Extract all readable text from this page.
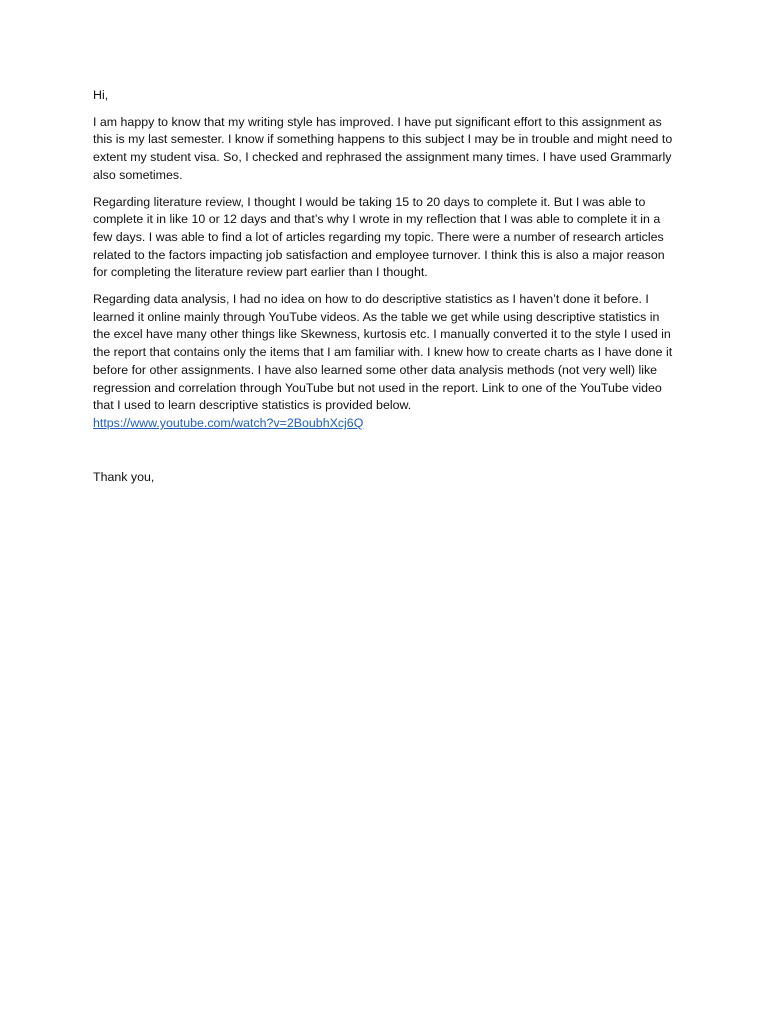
Hi,

I am happy to know that my writing style has improved. I have put significant effort to this assignment as this is my last semester. I know if something happens to this subject I may be in trouble and might need to extent my student visa. So, I checked and rephrased the assignment many times. I have used Grammarly also sometimes.

Regarding literature review, I thought I would be taking 15 to 20 days to complete it. But I was able to complete it in like 10 or 12 days and that’s why I wrote in my reflection that I was able to complete it in a few days. I was able to find a lot of articles regarding my topic. There were a number of research articles related to the factors impacting job satisfaction and employee turnover. I think this is also a major reason for completing the literature review part earlier than I thought.

Regarding data analysis, I had no idea on how to do descriptive statistics as I haven’t done it before. I learned it online mainly through YouTube videos. As the table we get while using descriptive statistics in the excel have many other things like Skewness, kurtosis etc. I manually converted it to the style I used in the report that contains only the items that I am familiar with. I knew how to create charts as I have done it before for other assignments. I have also learned some other data analysis methods (not very well) like regression and correlation through YouTube but not used in the report. Link to one of the YouTube video that I used to learn descriptive statistics is provided below.
https://www.youtube.com/watch?v=2BoubhXcj6Q

Thank you,
